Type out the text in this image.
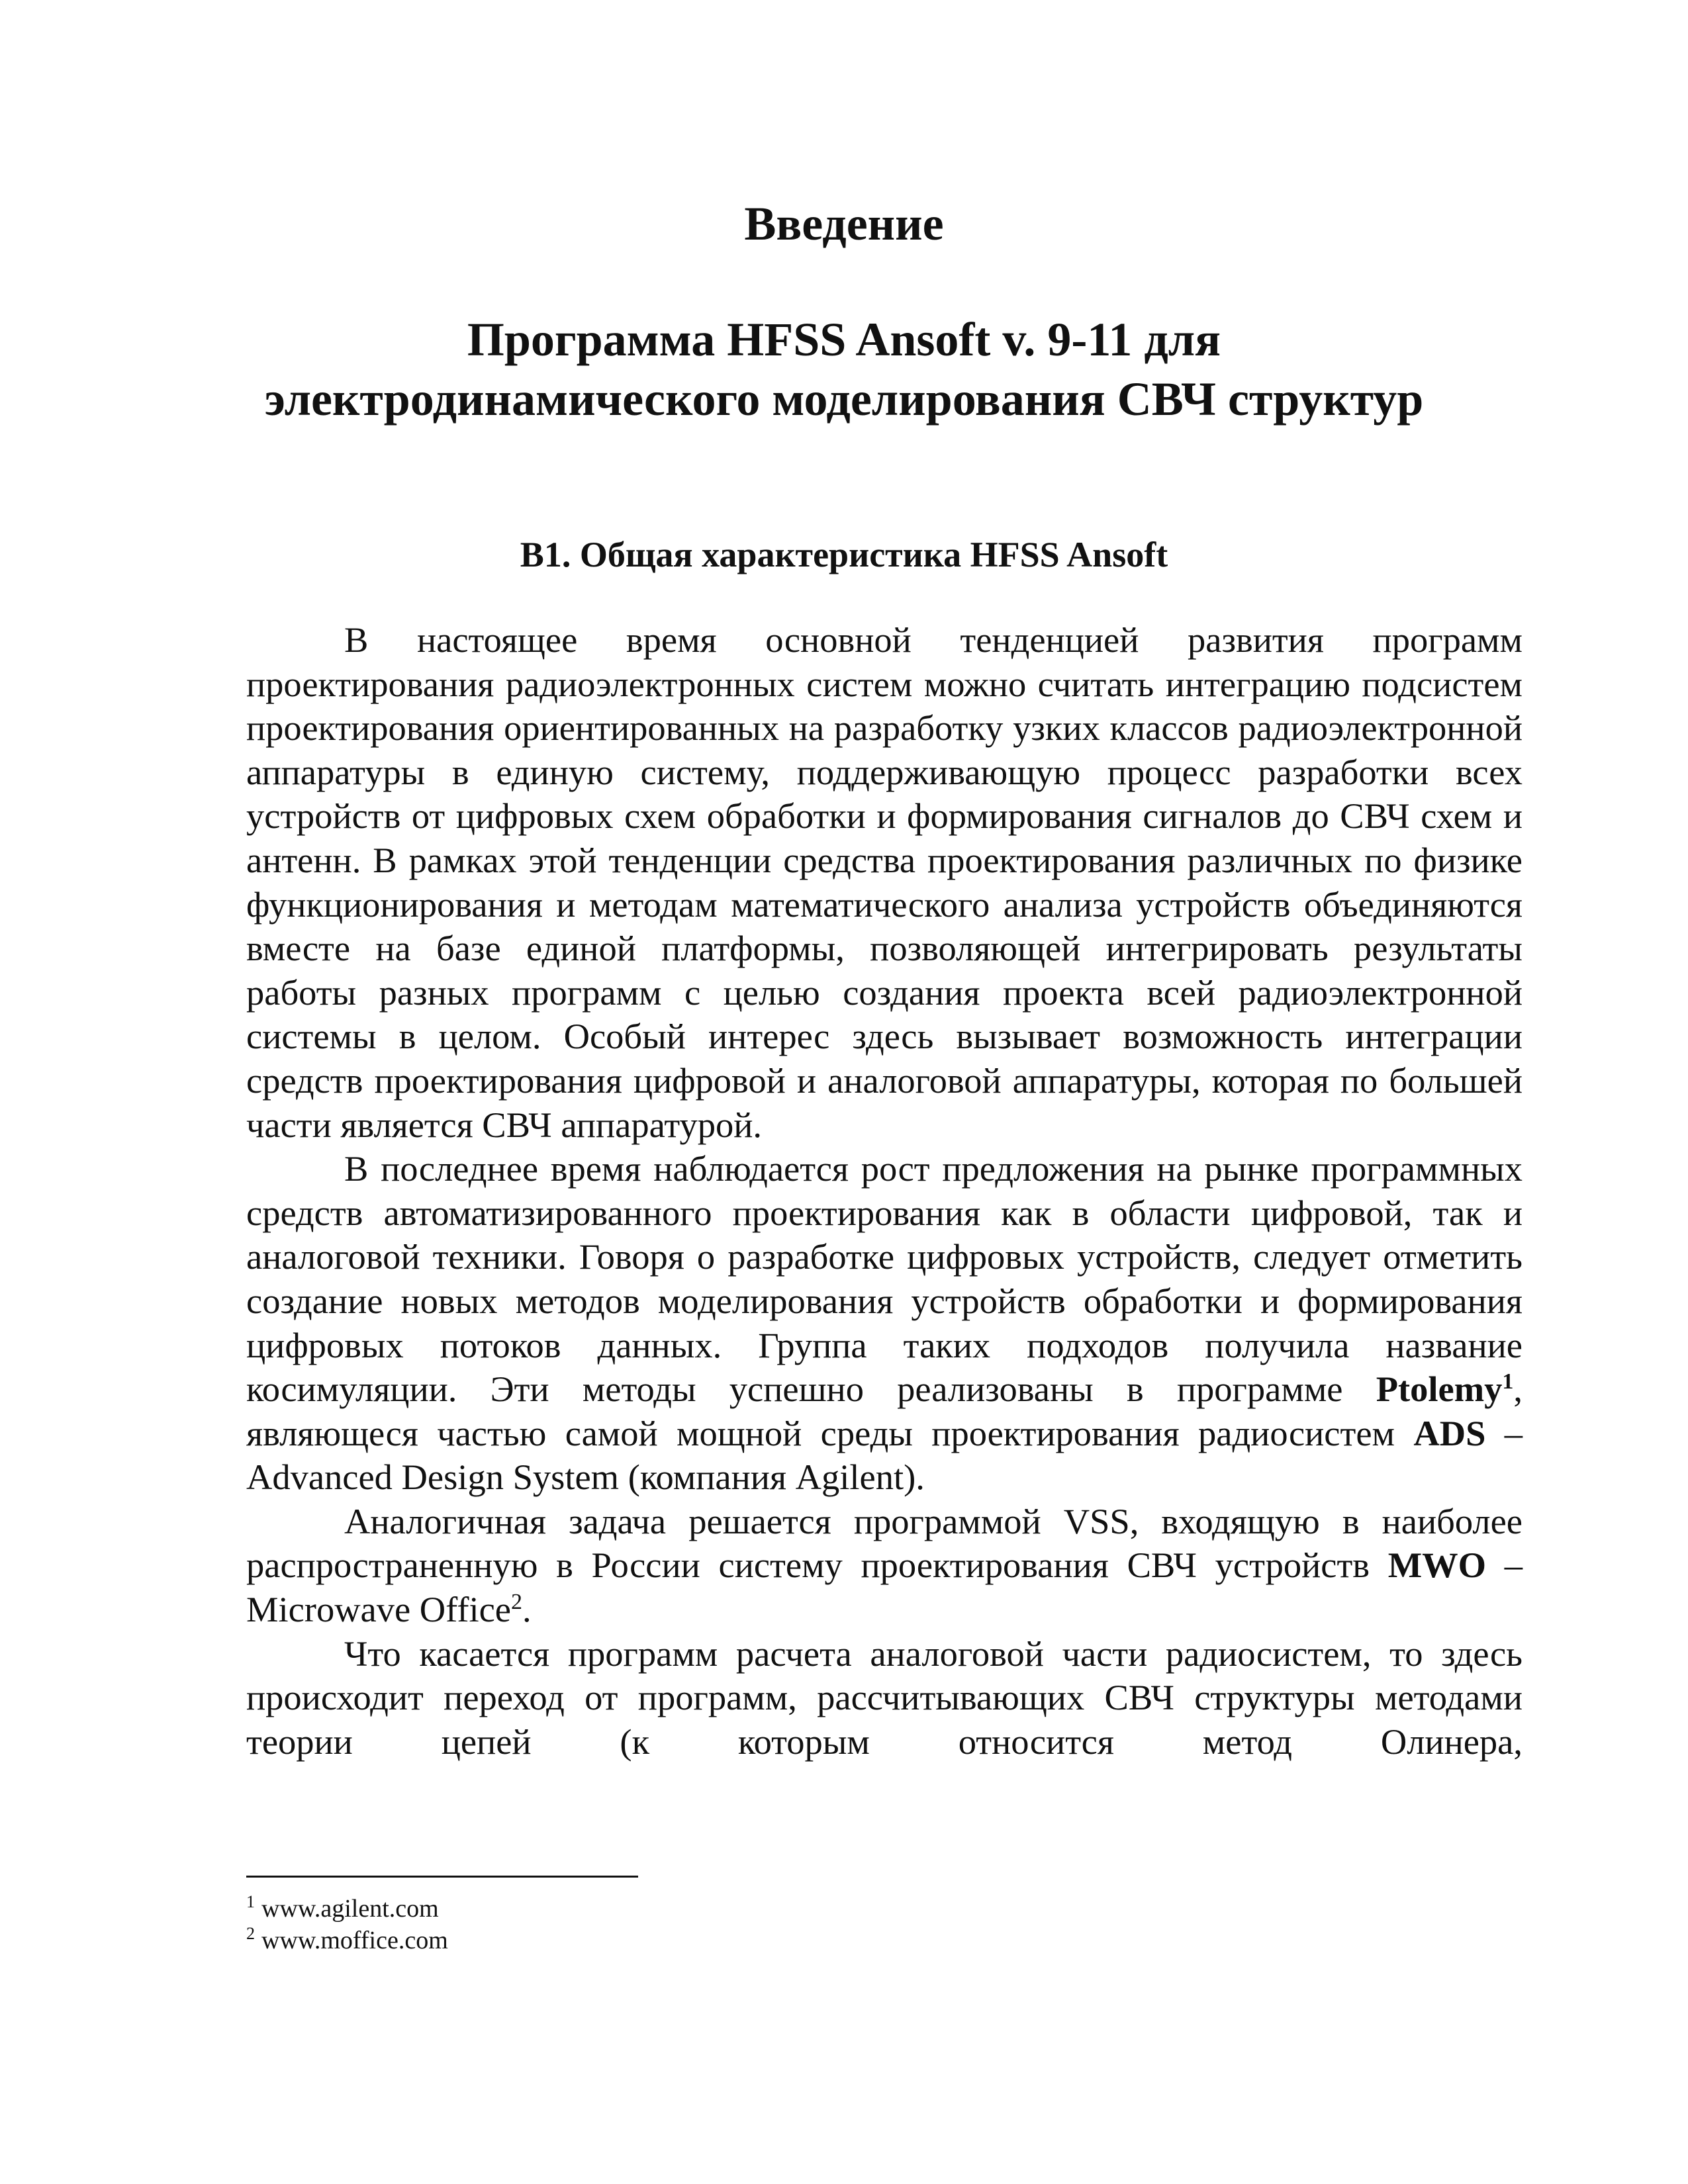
Введение
Программа HFSS Ansoft v. 9-11 для
электродинамического моделирования СВЧ структур
В1. Общая характеристика HFSS Ansoft

В настоящее время основной тенденцией развития программ проектирования радиоэлектронных систем можно считать интеграцию подсистем проектирования ориентированных на разработку узких классов радиоэлектронной аппаратуры в единую систему, поддерживающую процесс разработки всех устройств от цифровых схем обработки и формирования сигналов до СВЧ схем и антенн. В рамках этой тенденции средства проектирования различных по физике функционирования и методам математического анализа устройств объединяются вместе на базе единой платформы, позволяющей интегрировать результаты работы разных программ с целью создания проекта всей радиоэлектронной системы в целом. Особый интерес здесь вызывает возможность интеграции средств проектирования цифровой и аналоговой аппаратуры, которая по большей части является СВЧ аппаратурой.

В последнее время наблюдается рост предложения на рынке программных средств автоматизированного проектирования как в области цифровой, так и аналоговой техники. Говоря о разработке цифровых устройств, следует отметить создание новых методов моделирования устройств обработки и формирования цифровых потоков данных. Группа таких подходов получила название косимуляции. Эти методы успешно реализованы в программе Ptolemy$^1$, являющеся частью самой мощной среды проектирования радиосистем ADS – Advanced Design System (компания Agilent).

Аналогичная задача решается программой VSS, входящую в наиболее распространенную в России систему проектирования СВЧ устройств MWO – Microwave Office$^2$.

Что касается программ расчета аналоговой части радиосистем, то здесь происходит переход от программ, рассчитывающих СВЧ структуры методами теории цепей (к которым относится метод Олинера,

$^1$ www.agilent.com
$^2$ www.moffice.com
